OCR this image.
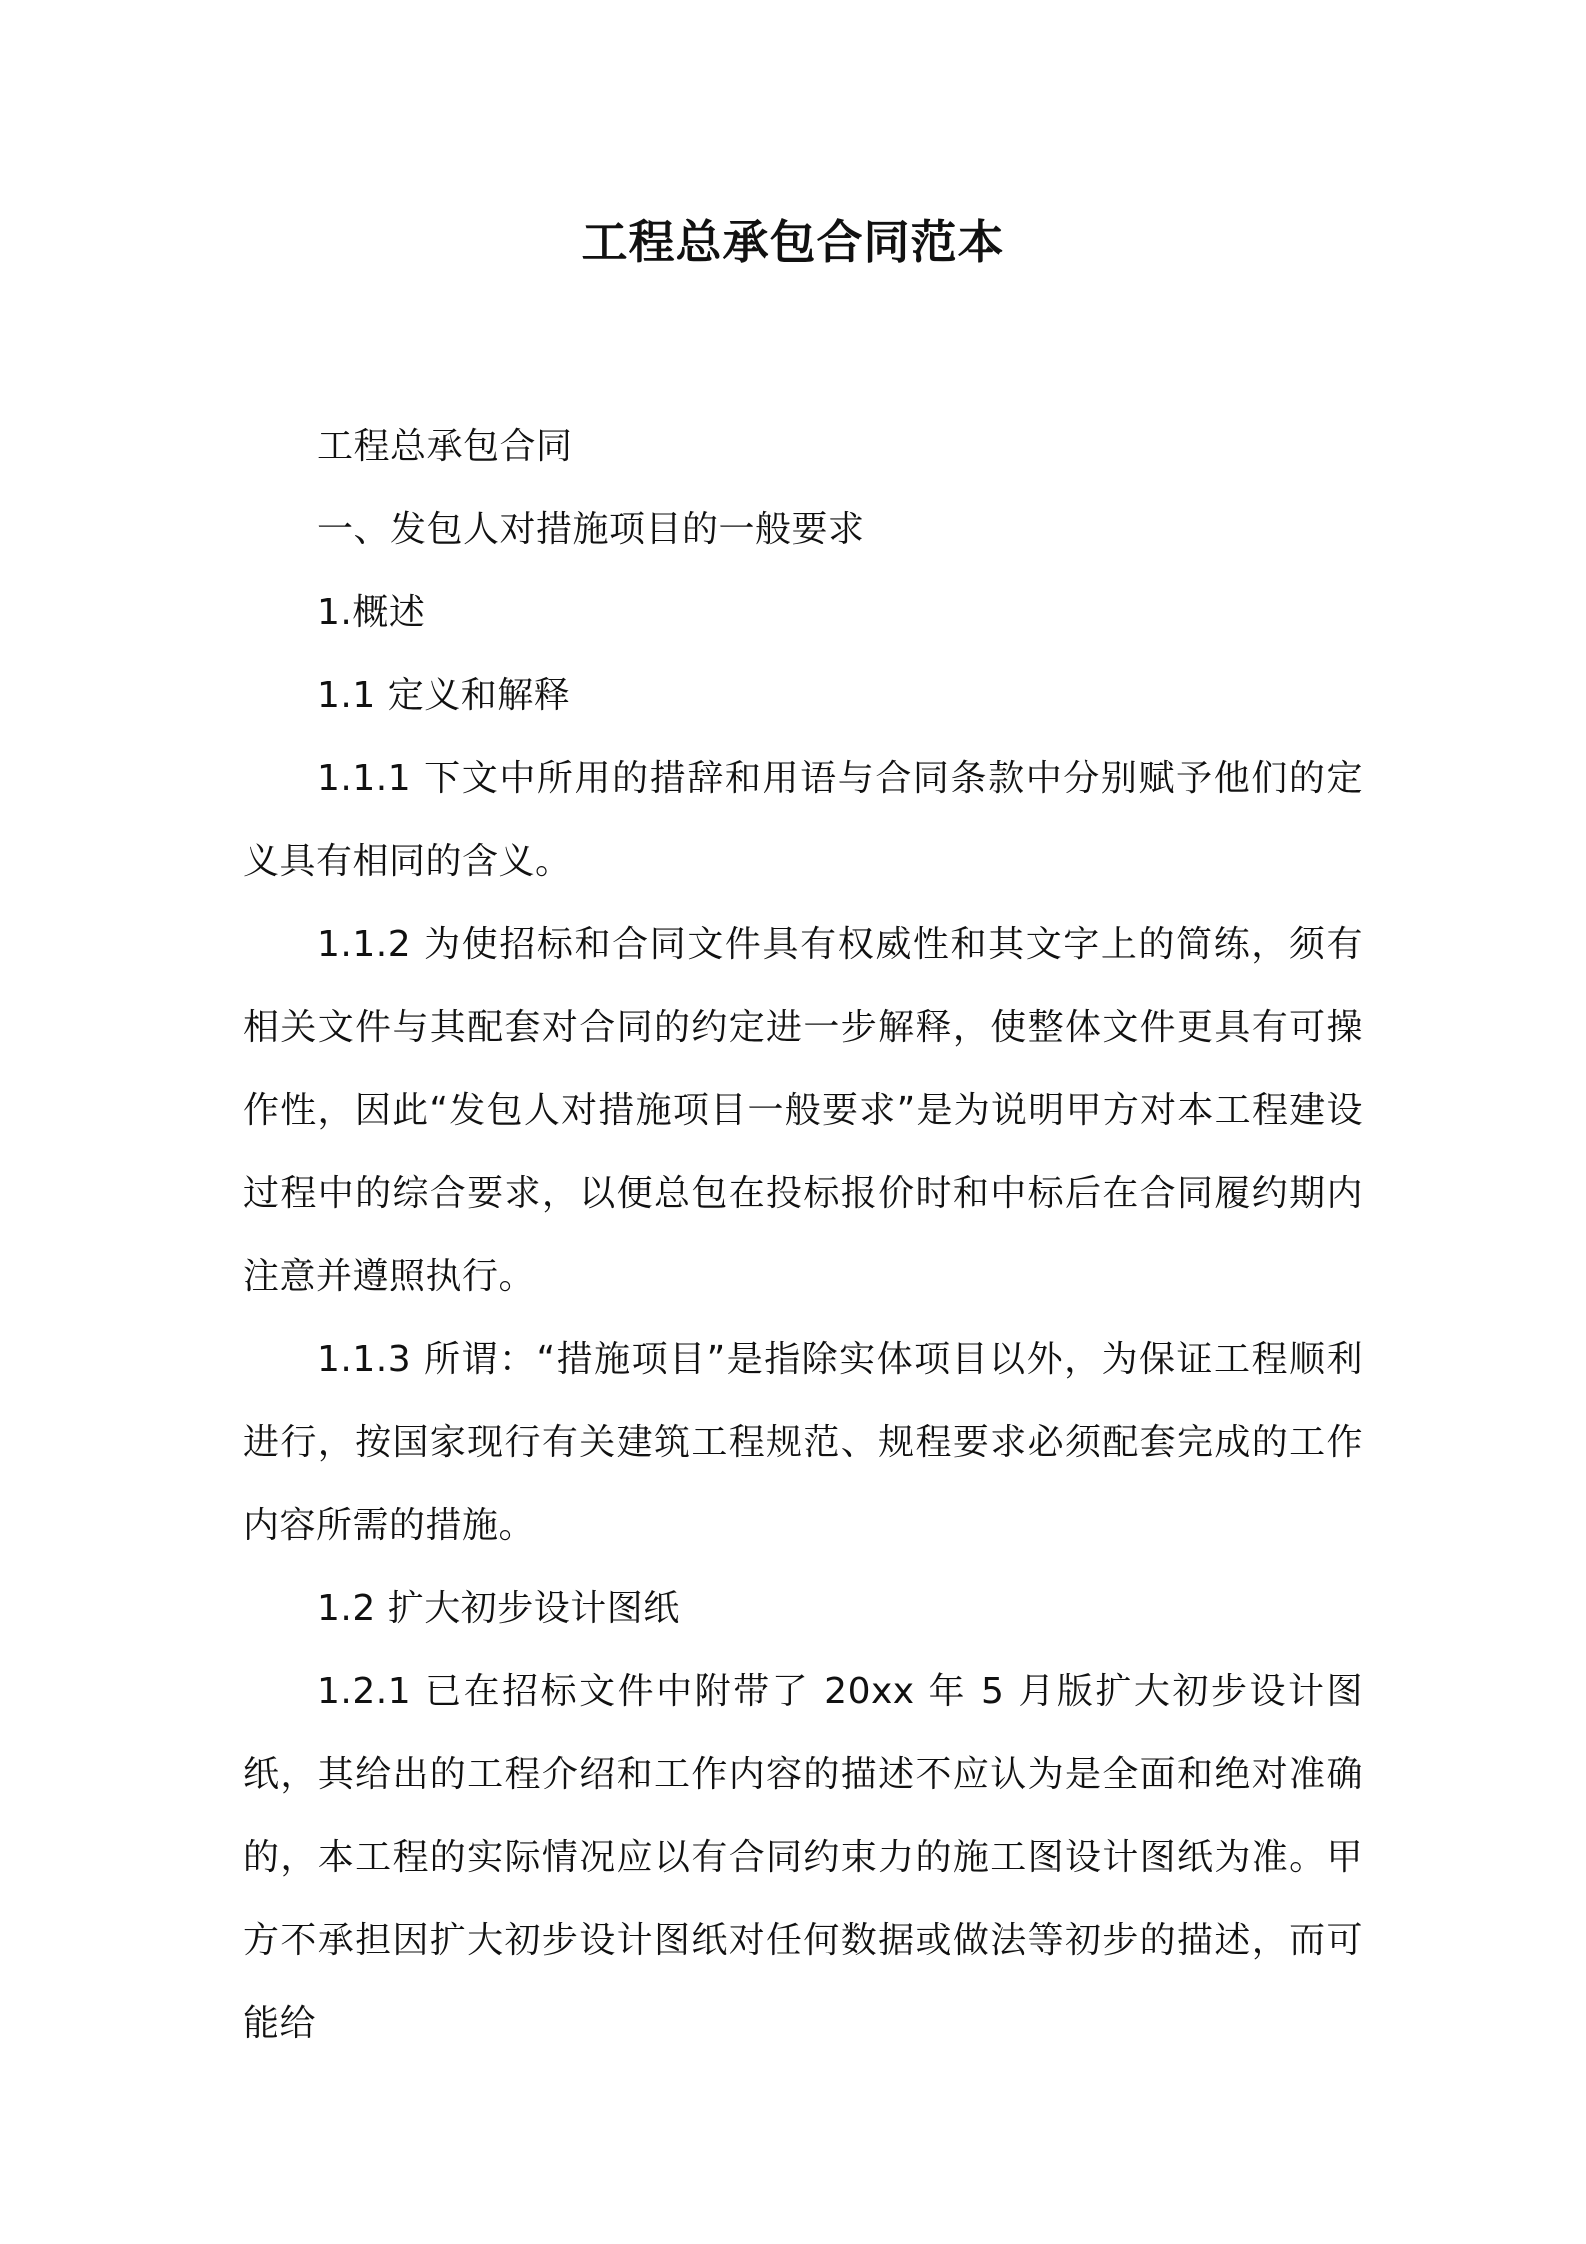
工程总承包合同范本

工程总承包合同

一、发包人对措施项目的一般要求

1.概述

1.1 定义和解释

1.1.1 下文中所用的措辞和用语与合同条款中分别赋予他们的定义具有相同的含义。

1.1.2 为使招标和合同文件具有权威性和其文字上的简练，须有相关文件与其配套对合同的约定进一步解释，使整体文件更具有可操作性，因此“发包人对措施项目一般要求”是为说明甲方对本工程建设过程中的综合要求，以便总包在投标报价时和中标后在合同履约期内注意并遵照执行。

1.1.3 所谓：“措施项目”是指除实体项目以外，为保证工程顺利进行，按国家现行有关建筑工程规范、规程要求必须配套完成的工作内容所需的措施。

1.2 扩大初步设计图纸

1.2.1 已在招标文件中附带了 20xx 年 5 月版扩大初步设计图纸，其给出的工程介绍和工作内容的描述不应认为是全面和绝对准确的，本工程的实际情况应以有合同约束力的施工图设计图纸为准。甲方不承担因扩大初步设计图纸对任何数据或做法等初步的描述，而可能给
